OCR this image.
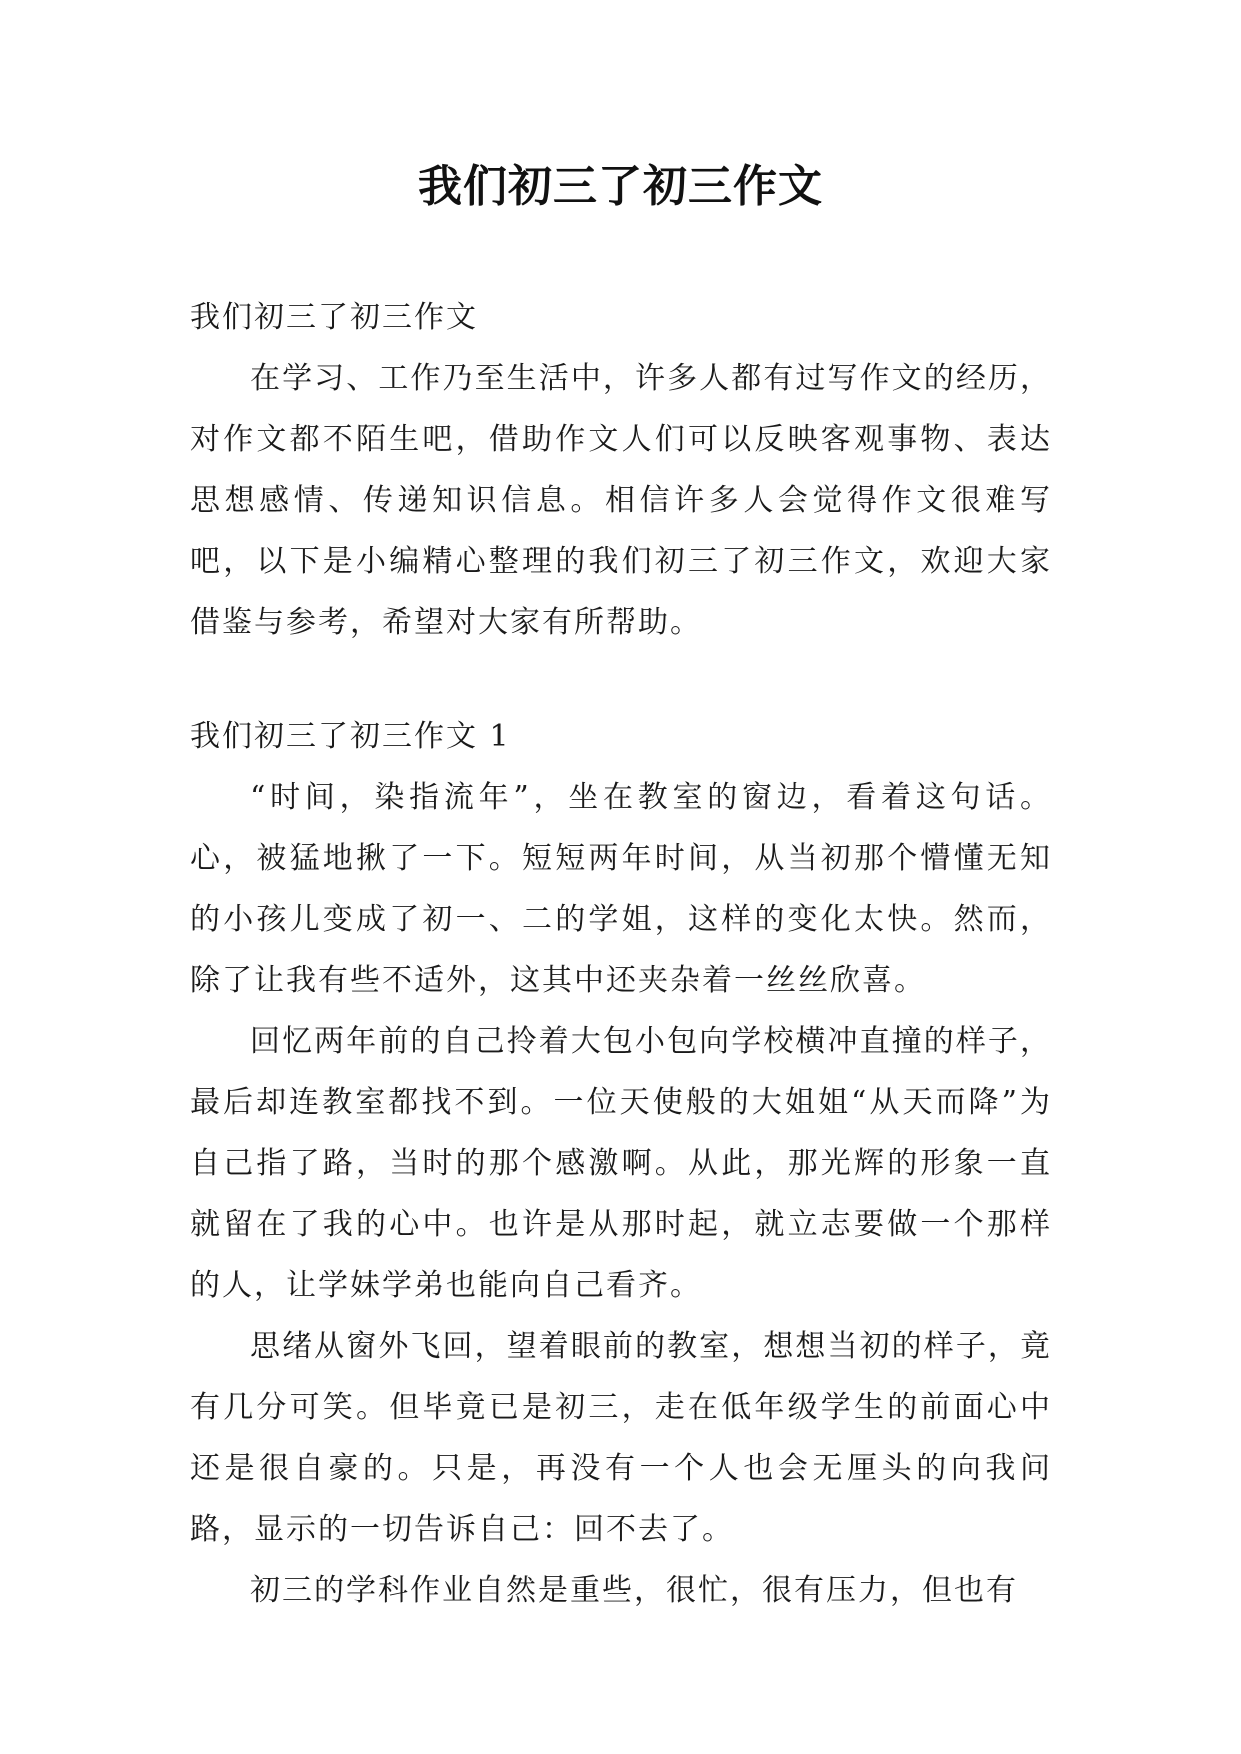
我们初三了初三作文

我们初三了初三作文

在学习、工作乃至生活中，许多人都有过写作文的经历，对作文都不陌生吧，借助作文人们可以反映客观事物、表达思想感情、传递知识信息。相信许多人会觉得作文很难写吧，以下是小编精心整理的我们初三了初三作文，欢迎大家借鉴与参考，希望对大家有所帮助。

我们初三了初三作文 1

“时间，染指流年”，坐在教室的窗边，看着这句话。心，被猛地揪了一下。短短两年时间，从当初那个懵懂无知的小孩儿变成了初一、二的学姐，这样的变化太快。然而，除了让我有些不适外，这其中还夹杂着一丝丝欣喜。

回忆两年前的自己拎着大包小包向学校横冲直撞的样子，最后却连教室都找不到。一位天使般的大姐姐“从天而降”为自己指了路，当时的那个感激啊。从此，那光辉的形象一直就留在了我的心中。也许是从那时起，就立志要做一个那样的人，让学妹学弟也能向自己看齐。

思绪从窗外飞回，望着眼前的教室，想想当初的样子，竟有几分可笑。但毕竟已是初三，走在低年级学生的前面心中还是很自豪的。只是，再没有一个人也会无厘头的向我问路，显示的一切告诉自己：回不去了。

初三的学科作业自然是重些，很忙，很有压力，但也有
